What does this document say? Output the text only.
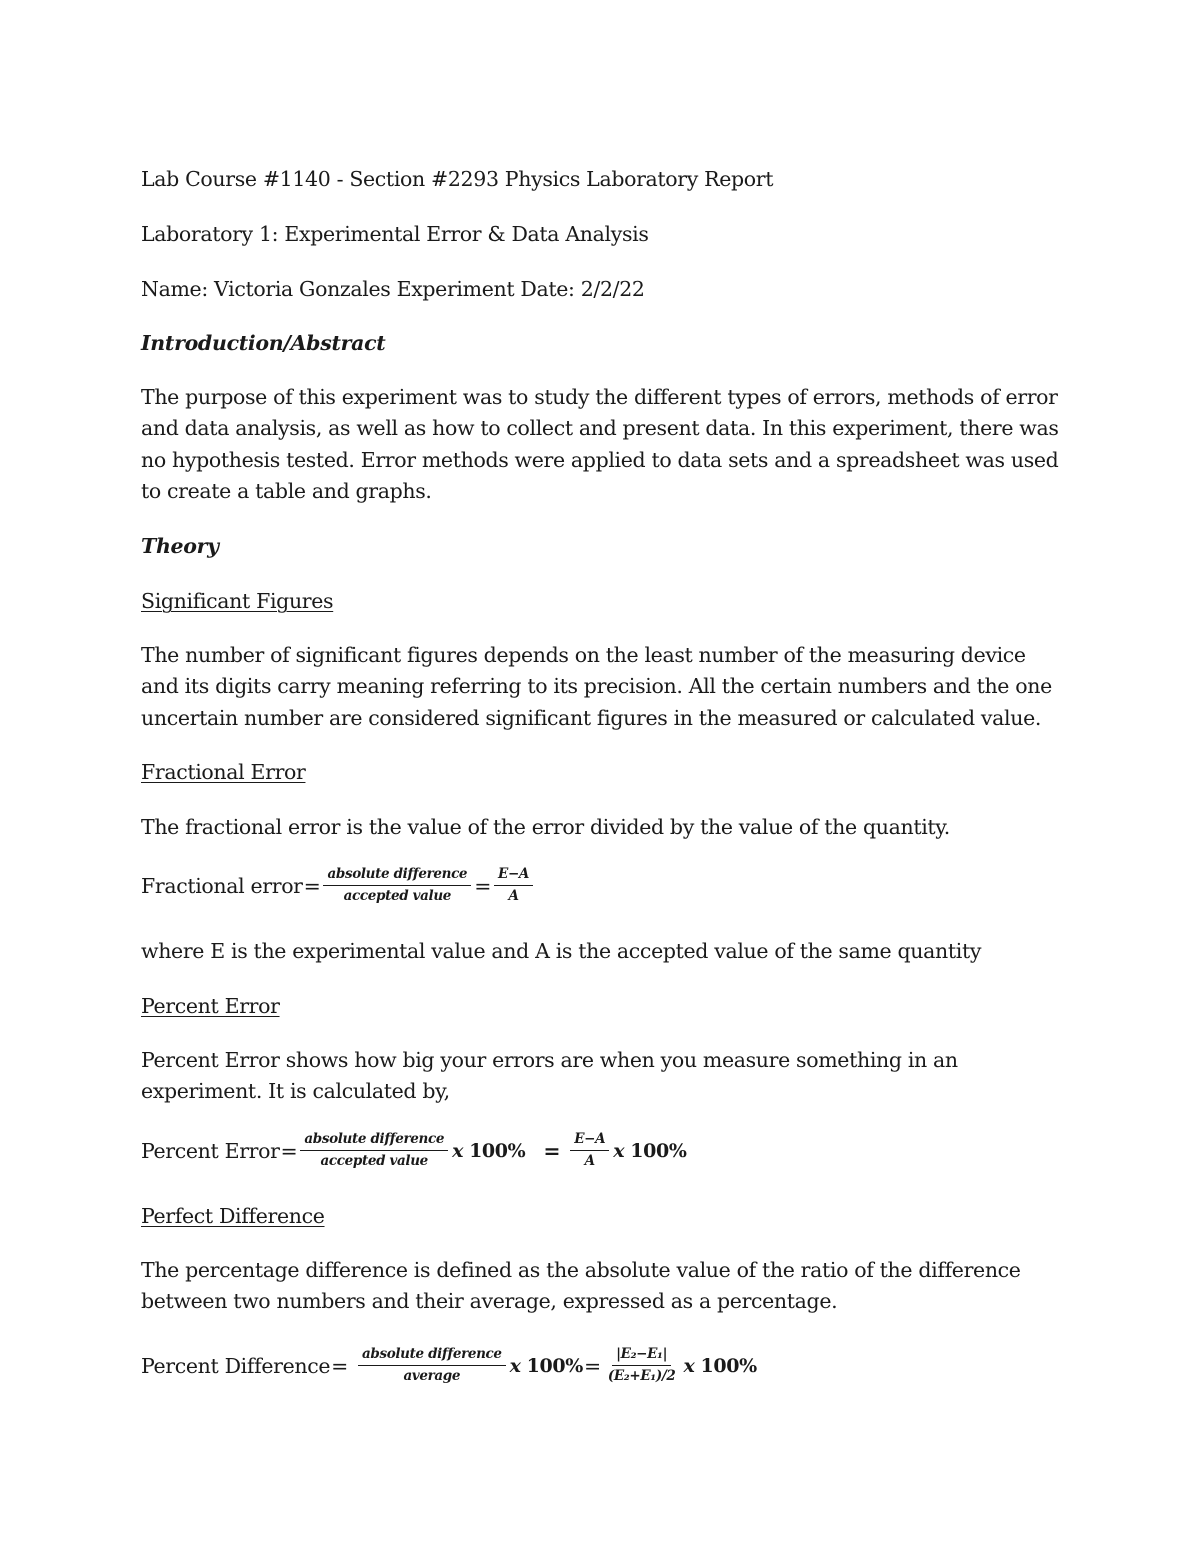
Lab Course #1140 - Section #2293 Physics Laboratory Report
Laboratory 1: Experimental Error & Data Analysis
Name: Victoria Gonzales Experiment Date: 2/2/22
Introduction/Abstract
The purpose of this experiment was to study the different types of errors, methods of error and data analysis, as well as how to collect and present data. In this experiment, there was no hypothesis tested. Error methods were applied to data sets and a spreadsheet was used to create a table and graphs.
Theory
Significant Figures
The number of significant figures depends on the least number of the measuring device and its digits carry meaning referring to its precision. All the certain numbers and the one uncertain number are considered significant figures in the measured or calculated value.
Fractional Error
The fractional error is the value of the error divided by the value of the quantity.
Fractional error = $\frac{\text{absolute difference}}{\text{accepted value}} = \frac{E-A}{A}$
where E is the experimental value and A is the accepted value of the same quantity
Percent Error
Percent Error shows how big your errors are when you measure something in an experiment. It is calculated by,
Percent Error = $\frac{\text{absolute difference}}{\text{accepted value}}$ x $100\% = \frac{E-A}{A}$ x 100%
Perfect Difference
The percentage difference is defined as the absolute value of the ratio of the difference between two numbers and their average, expressed as a percentage.
Percent Difference = $\frac{\text{absolute difference}}{\text{average}}$ x $100\% = \frac{\text{|E₂−E₁|}}{\text{(E₂+E₁)/2}}$ x 100%
